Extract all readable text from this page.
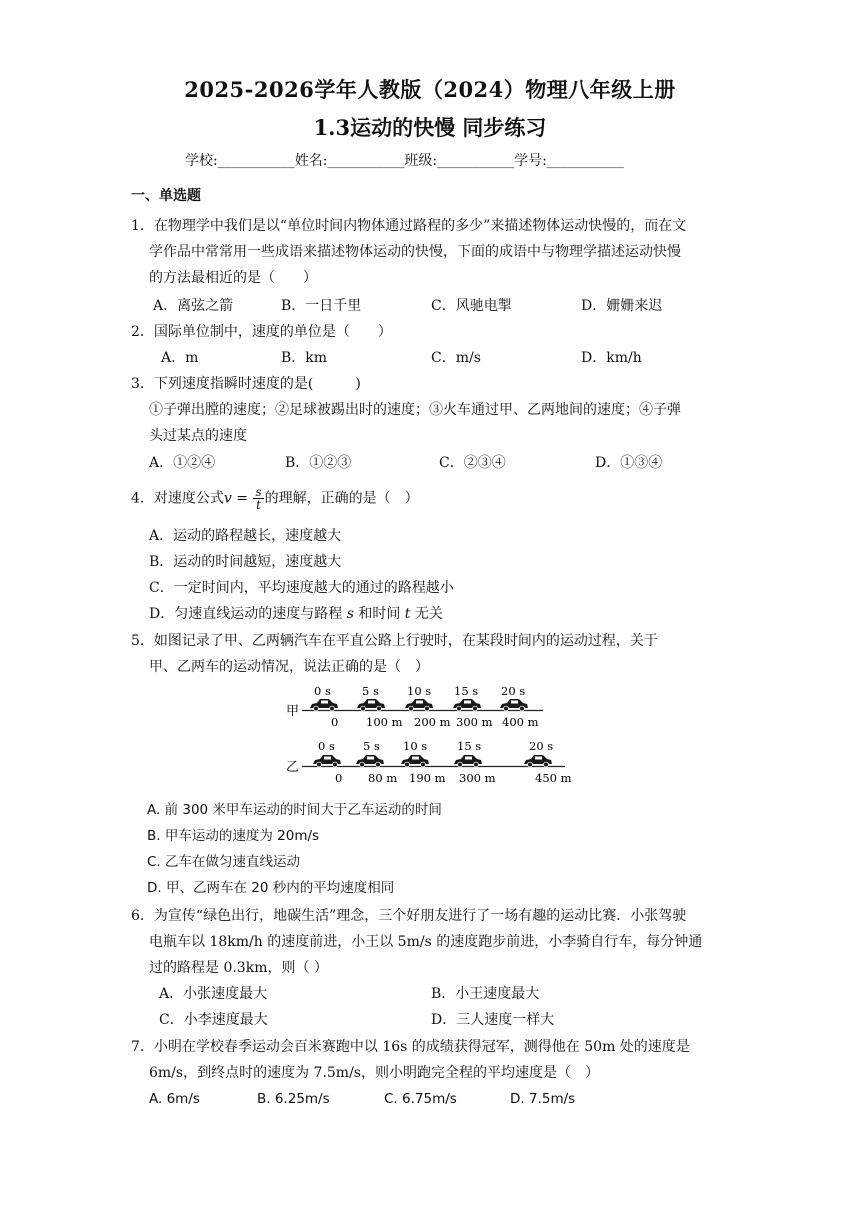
2025-2026学年人教版（2024）物理八年级上册
1.3运动的快慢 同步练习
学校:___________姓名:___________班级:___________学号:___________
一、单选题
1．在物理学中我们是以“单位时间内物体通过路程的多少”来描述物体运动快慢的，而在文
学作品中常常用一些成语来描述物体运动的快慢，下面的成语中与物理学描述运动快慢
的方法最相近的是（　　）
A．离弦之箭	B．一日千里	C．风驰电掣	D．姗姗来迟
2．国际单位制中，速度的单位是（　　）
A．m	B．km	C．m/s	D．km/h
3．下列速度指瞬时速度的是(　　　)
①子弹出膛的速度；②足球被踢出时的速度；③火车通过甲、乙两地间的速度；④子弹
头过某点的速度
A．①②④	B．①②③	C．②③④	D．①③④
4．对速度公式$v = \frac{s}{t}$ 的理解，正确的是（　）
A．运动的路程越长，速度越大
B．运动的时间越短，速度越大
C．一定时间内，平均速度越大的通过的路程越小
D．匀速直线运动的速度与路程 s 和时间 t 无关
5．如图记录了甲、乙两辆汽车在平直公路上行驶时，在某段时间内的运动过程，关于
甲、乙两车的运动情况，说法正确的是（　）
甲
0 s	5 s 10 s 15 s 20 s
0 100 m 200 m 300 m 400 m
乙
0 s 5 s 10 s	15 s	20 s
0 80 m 190 m 300 m	450 m
A. 前 300 米甲车运动的时间大于乙车运动的时间
B. 甲车运动的速度为 20m/s
C. 乙车在做匀速直线运动
D. 甲、乙两车在 20 秒内的平均速度相同
6．为宣传“绿色出行，地碳生活”理念，三个好朋友进行了一场有趣的运动比赛．小张驾驶
电瓶车以 18km/h 的速度前进，小王以 5m/s 的速度跑步前进，小李骑自行车，每分钟通
过的路程是 0.3km，则（ ）
A．小张速度最大	B．小王速度最大
C．小李速度最大	D．三人速度一样大
7．小明在学校春季运动会百米赛跑中以 16s 的成绩获得冠军，测得他在 50m 处的速度是
6m/s，到终点时的速度为 7.5m/s，则小明跑完全程的平均速度是（　）
A. 6m/s	B. 6.25m/s	C. 6.75m/s	D. 7.5m/s
